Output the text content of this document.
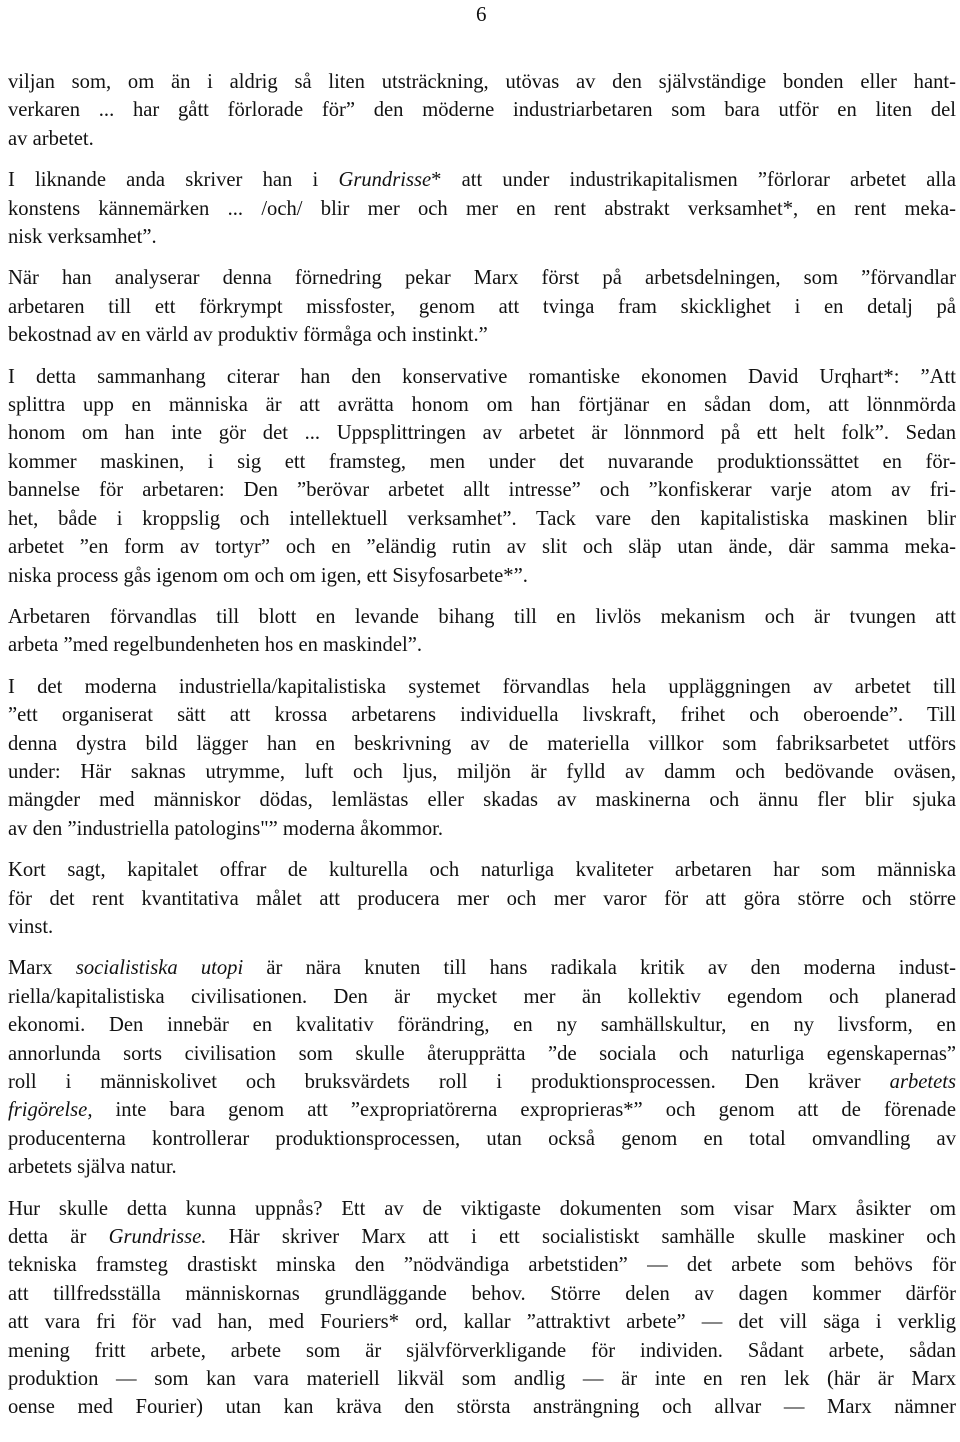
6
viljan som, om än i aldrig så liten utsträckning, utövas av den självständige bonden eller hant-
verkaren ... har gått förlorade för” den möderne industriarbetaren som bara utför en liten del
av arbetet.
I liknande anda skriver han i Grundrisse* att under industrikapitalismen ”förlorar arbetet alla
konstens kännemärken ... /och/ blir mer och mer en rent abstrakt verksamhet*, en rent meka-
nisk verksamhet”.
När han analyserar denna förnedring pekar Marx först på arbetsdelningen, som ”förvandlar
arbetaren till ett förkrympt missfoster, genom att tvinga fram skicklighet i en detalj på
bekostnad av en värld av produktiv förmåga och instinkt.”
I detta sammanhang citerar han den konservative romantiske ekonomen David Urqhart*: ”Att
splittra upp en människa är att avrätta honom om han förtjänar en sådan dom, att lönnmörda
honom om han inte gör det ... Uppsplittringen av arbetet är lönnmord på ett helt folk”. Sedan
kommer maskinen, i sig ett framsteg, men under det nuvarande produktionssättet en för-
bannelse för arbetaren: Den ”berövar arbetet allt intresse” och ”konfiskerar varje atom av fri-
het, både i kroppslig och intellektuell verksamhet”. Tack vare den kapitalistiska maskinen blir
arbetet ”en form av tortyr” och en ”eländig rutin av slit och släp utan ände, där samma meka-
niska process gås igenom om och om igen, ett Sisyfosarbete*”.
Arbetaren förvandlas till blott en levande bihang till en livlös mekanism och är tvungen att
arbeta ”med regelbundenheten hos en maskindel”.
I det moderna industriella/kapitalistiska systemet förvandlas hela uppläggningen av arbetet till
”ett organiserat sätt att krossa arbetarens individuella livskraft, frihet och oberoende”. Till
denna dystra bild lägger han en beskrivning av de materiella villkor som fabriksarbetet utförs
under: Här saknas utrymme, luft och ljus, miljön är fylld av damm och bedövande oväsen,
mängder med människor dödas, lemlästas eller skadas av maskinerna och ännu fler blir sjuka
av den ”industriella patologins"” moderna åkommor.
Kort sagt, kapitalet offrar de kulturella och naturliga kvaliteter arbetaren har som människa
för det rent kvantitativa målet att producera mer och mer varor för att göra större och större
vinst.
Marx socialistiska utopi är nära knuten till hans radikala kritik av den moderna indust-
riella/kapitalistiska civilisationen. Den är mycket mer än kollektiv egendom och planerad
ekonomi. Den innebär en kvalitativ förändring, en ny samhällskultur, en ny livsform, en
annorlunda sorts civilisation som skulle återupprätta ”de sociala och naturliga egenskapernas”
roll i människolivet och bruksvärdets roll i produktionsprocessen. Den kräver arbetets
frigörelse, inte bara genom att ”expropriatörerna exproprieras*” och genom att de förenade
producenterna kontrollerar produktionsprocessen, utan också genom en total omvandling av
arbetets själva natur.
Hur skulle detta kunna uppnås? Ett av de viktigaste dokumenten som visar Marx åsikter om
detta är Grundrisse. Här skriver Marx att i ett socialistiskt samhälle skulle maskiner och
tekniska framsteg drastiskt minska den ”nödvändiga arbetstiden” — det arbete som behövs för
att tillfredsställa människornas grundläggande behov. Större delen av dagen kommer därför
att vara fri för vad han, med Fouriers* ord, kallar ”attraktivt arbete” — det vill säga i verklig
mening fritt arbete, arbete som är självförverkligande för individen. Sådant arbete, sådan
produktion — som kan vara materiell likväl som andlig — är inte en ren lek (här är Marx
oense med Fourier) utan kan kräva den största ansträngning och allvar — Marx nämner
